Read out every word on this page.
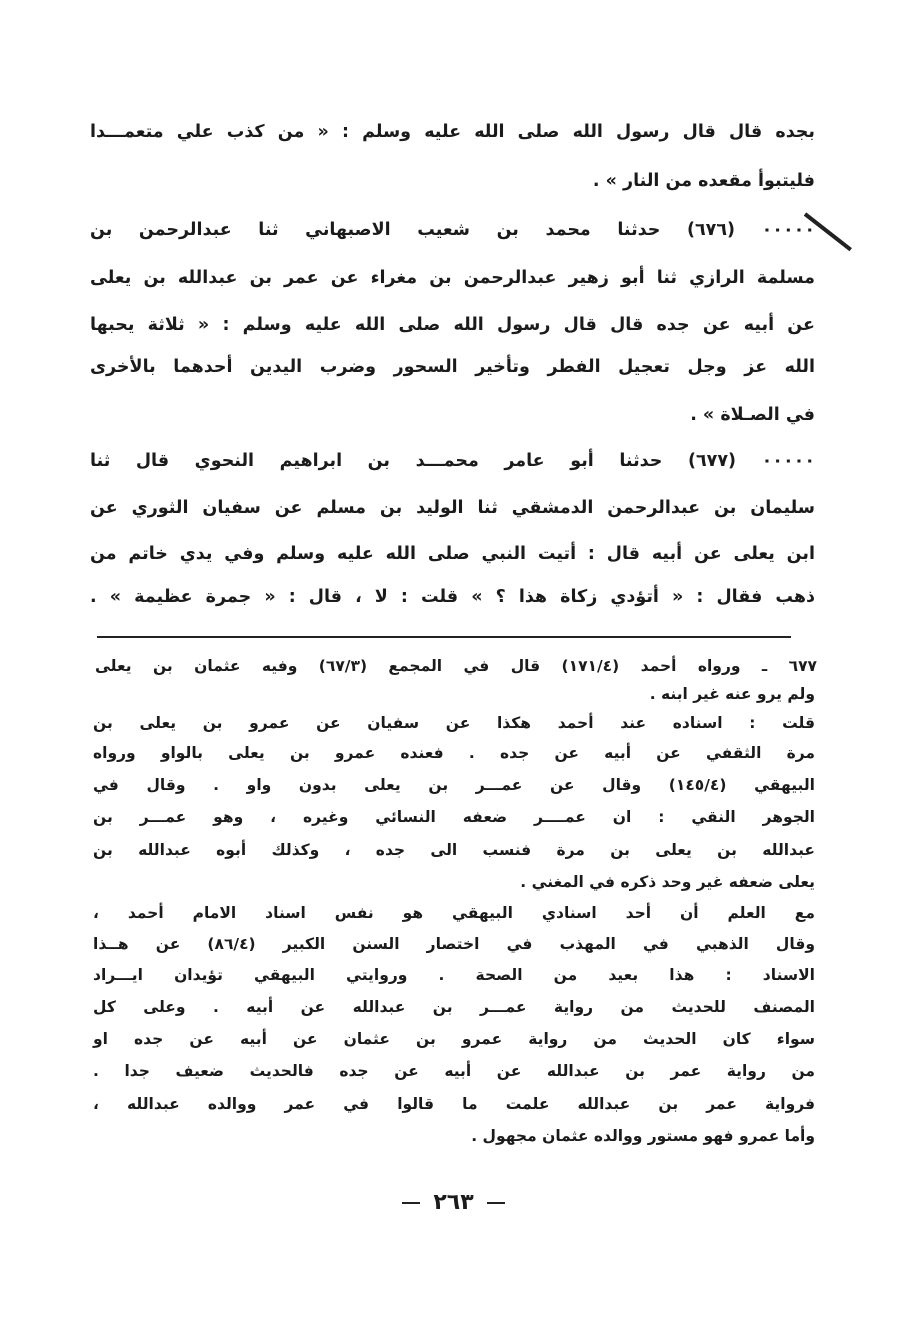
بجده قال قال رسول الله صلى الله عليه وسلم : « من كذب علي متعمـــدا
فليتبوأ مقعده من النار » .
٠٠٠٠٠ (٦٧٦) حدثنا محمد بن شعيب الاصبهاني ثنا عبدالرحمن بن
مسلمة الرازي ثنا أبو زهير عبدالرحمن بن مغراء عن عمر بن عبدالله بن يعلى
عن أبيه عن جده قال قال رسول الله صلى الله عليه وسلم : « ثلاثة يحبها
الله عز وجل تعجيل الفطر وتأخير السحور وضرب اليدين أحدهما بالأخرى
في الصـلاة » .
٠٠٠٠٠ (٦٧٧) حدثنا أبو عامر محمـــد بن ابراهيم النحوي قال ثنا
سليمان بن عبدالرحمن الدمشقي ثنا الوليد بن مسلم عن سفيان الثوري عن
ابن يعلى عن أبيه قال : أتيت النبي صلى الله عليه وسلم وفي يدي خاتم من
ذهب فقال : « أتؤدي زكاة هذا ؟ » قلت : لا ، قال : « جمرة عظيمة » .
٦٧٧ ـ ورواه أحمد (١٧١/٤) قال في المجمع (٦٧/٣) وفيه عثمان بن يعلى
ولم يرو عنه غير ابنه .
قلت : اسناده عند أحمد هكذا عن سفيان عن عمرو بن يعلى بن
مرة الثقفي عن أبيه عن جده . فعنده عمرو بن يعلى بالواو ورواه
البيهقي (١٤٥/٤) وقال عن عمـــر بن يعلى بدون واو . وقال في
الجوهر النقي : ان عمــــر ضعفه النسائي وغيره ، وهو عمـــر بن
عبدالله بن يعلى بن مرة فنسب الى جده ، وكذلك أبوه عبدالله بن
يعلى ضعفه غير وحد ذكره في المغني .
مع العلم أن أحد اسنادي البيهقي هو نفس اسناد الامام أحمد ،
وقال الذهبي في المهذب في اختصار السنن الكبير (٨٦/٤) عن هــذا
الاسناد : هذا بعيد من الصحة . وروايتي البيهقي تؤيدان ايـــراد
المصنف للحديث من رواية عمـــر بن عبدالله عن أبيه . وعلى كل
سواء كان الحديث من رواية عمرو بن عثمان عن أبيه عن جده او
من رواية عمر بن عبدالله عن أبيه عن جده فالحديث ضعيف جدا .
فرواية عمر بن عبدالله علمت ما قالوا في عمر ووالده عبدالله ،
وأما عمرو فهو مستور ووالده عثمان مجهول .
٢٦٣
